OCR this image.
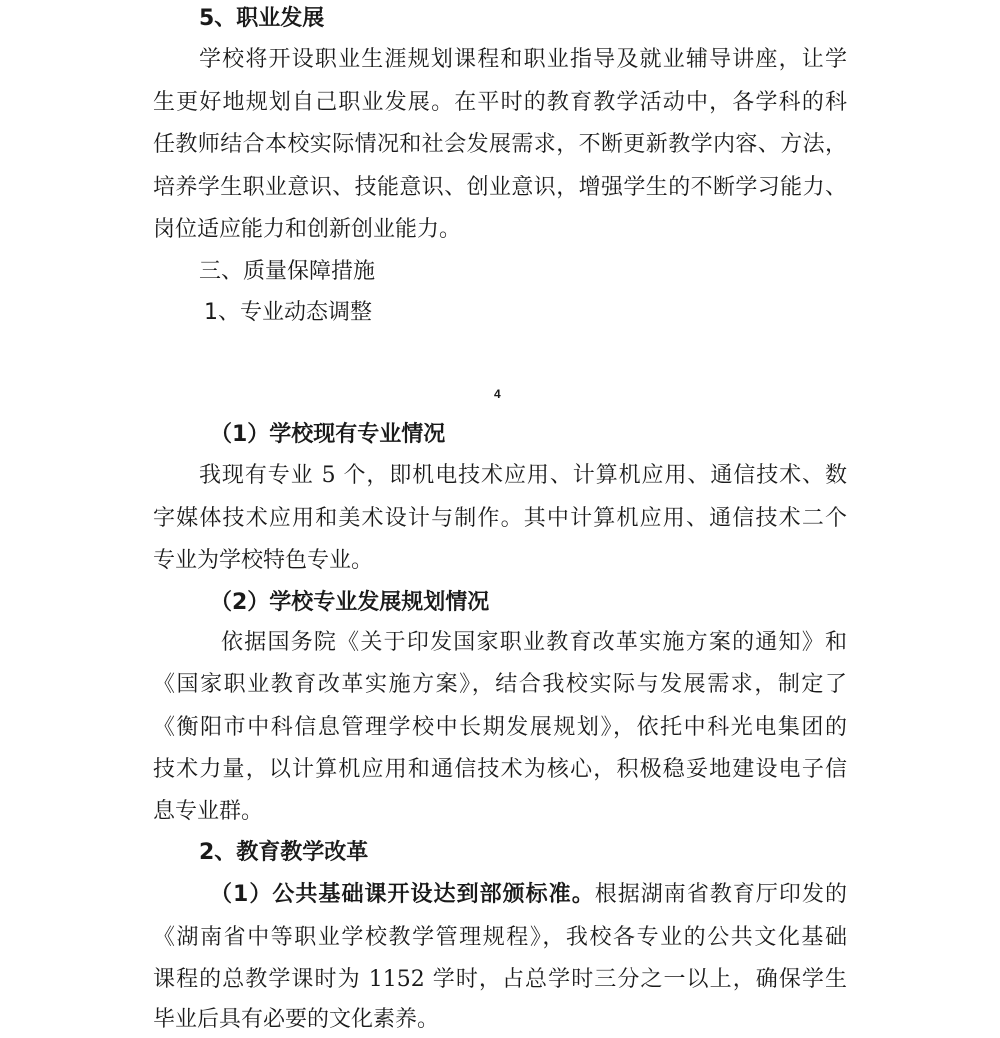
5、职业发展
学校将开设职业生涯规划课程和职业指导及就业辅导讲座，让学
生更好地规划自己职业发展。在平时的教育教学活动中，各学科的科
任教师结合本校实际情况和社会发展需求，不断更新教学内容、方法，
培养学生职业意识、技能意识、创业意识，增强学生的不断学习能力、
岗位适应能力和创新创业能力。
三、质量保障措施
1、专业动态调整
4
（1）学校现有专业情况
我现有专业 5 个，即机电技术应用、计算机应用、通信技术、数
字媒体技术应用和美术设计与制作。其中计算机应用、通信技术二个
专业为学校特色专业。
（2）学校专业发展规划情况
依据国务院《关于印发国家职业教育改革实施方案的通知》和
《国家职业教育改革实施方案》，结合我校实际与发展需求，制定了
《衡阳市中科信息管理学校中长期发展规划》，依托中科光电集团的
技术力量，以计算机应用和通信技术为核心，积极稳妥地建设电子信
息专业群。
2、教育教学改革
（1）公共基础课开设达到部颁标准。根据湖南省教育厅印发的
《湖南省中等职业学校教学管理规程》，我校各专业的公共文化基础
课程的总教学课时为 1152 学时，占总学时三分之一以上，确保学生
毕业后具有必要的文化素养。
